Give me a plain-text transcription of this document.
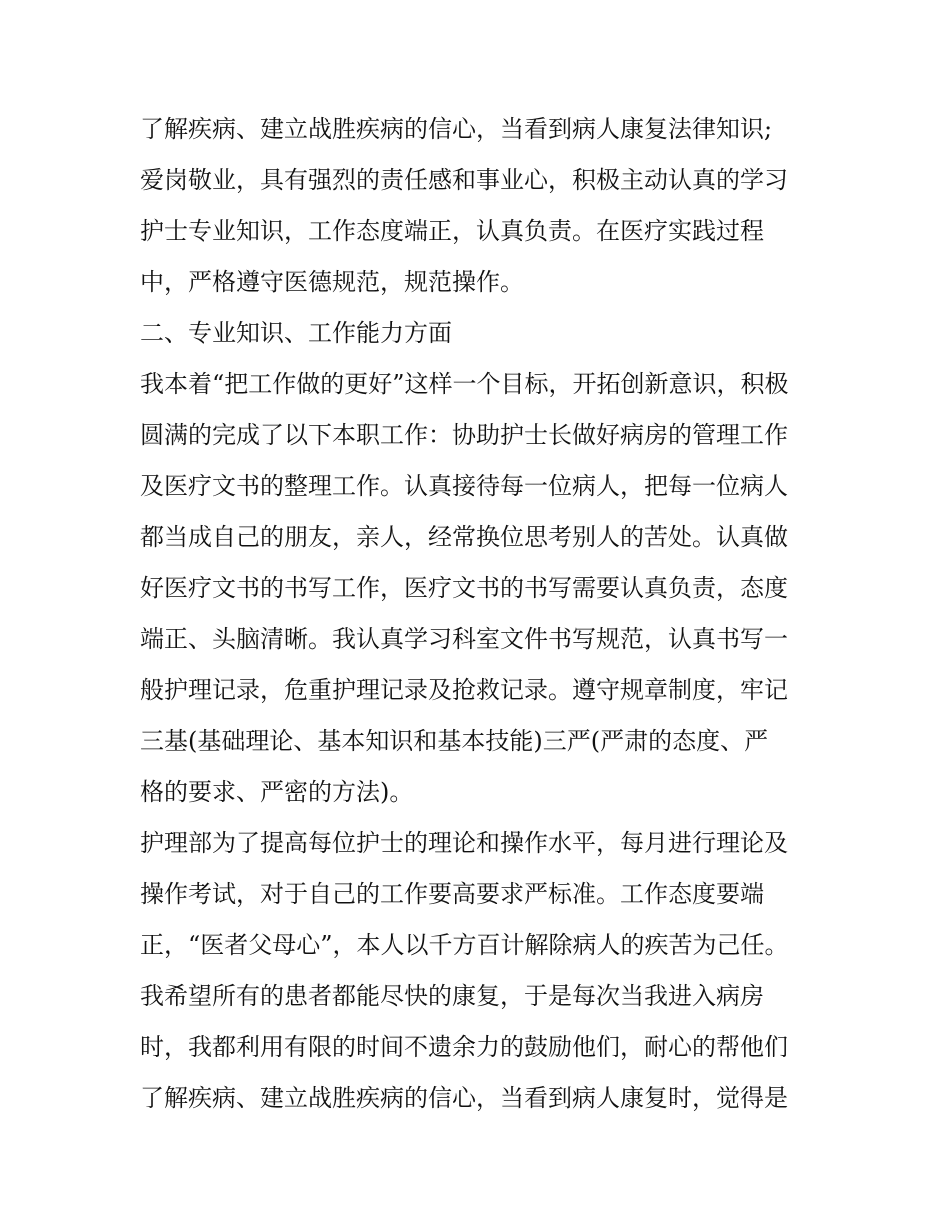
了解疾病、建立战胜疾病的信心，当看到病人康复法律知识;
爱岗敬业，具有强烈的责任感和事业心，积极主动认真的学习
护士专业知识，工作态度端正，认真负责。在医疗实践过程
中，严格遵守医德规范，规范操作。
二、专业知识、工作能力方面
我本着“把工作做的更好”这样一个目标，开拓创新意识，积极
圆满的完成了以下本职工作：协助护士长做好病房的管理工作
及医疗文书的整理工作。认真接待每一位病人，把每一位病人
都当成自己的朋友，亲人，经常换位思考别人的苦处。认真做
好医疗文书的书写工作，医疗文书的书写需要认真负责，态度
端正、头脑清晰。我认真学习科室文件书写规范，认真书写一
般护理记录，危重护理记录及抢救记录。遵守规章制度，牢记
三基(基础理论、基本知识和基本技能)三严(严肃的态度、严
格的要求、严密的方法)。
护理部为了提高每位护士的理论和操作水平，每月进行理论及
操作考试，对于自己的工作要高要求严标准。工作态度要端
正，“医者父母心”，本人以千方百计解除病人的疾苦为己任。
我希望所有的患者都能尽快的康复，于是每次当我进入病房
时，我都利用有限的时间不遗余力的鼓励他们，耐心的帮他们
了解疾病、建立战胜疾病的信心，当看到病人康复时，觉得是
